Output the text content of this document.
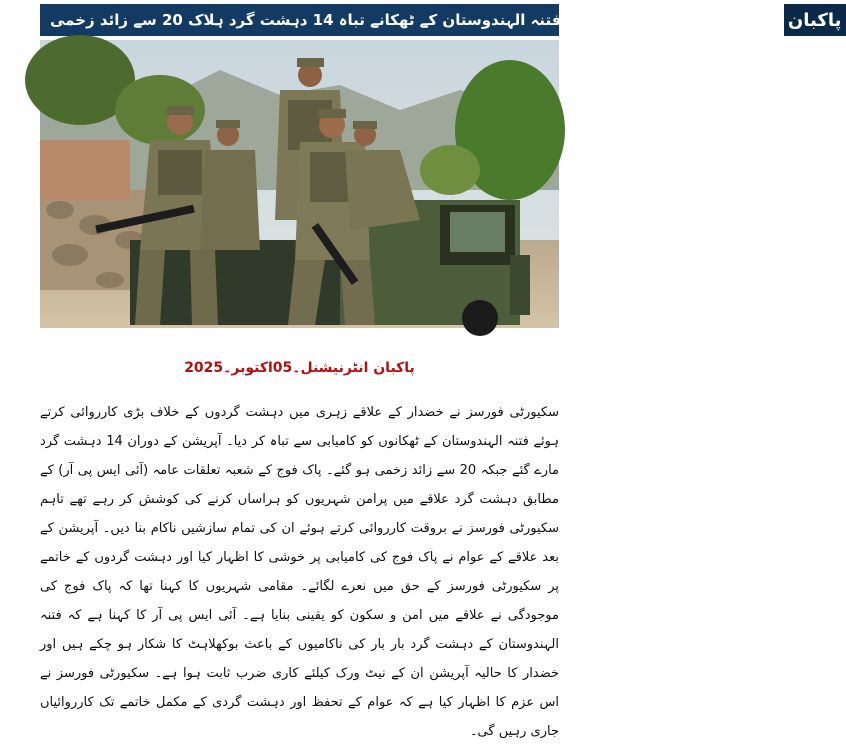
سکیورٹی فورسز کا آپریشن فتنہ الہندوستان کے ٹھکانے تباہ 14 دہشت گرد ہلاک 20 سے زائد زخمی پاکبان
پاکبان انٹرنیشنل۔05اکتوبر۔2025
سکیورٹی فورسز نے خضدار کے علاقے زہری میں دہشت گردوں کے خلاف بڑی کارروائی کرتے ہوئے فتنہ الہندوستان کے ٹھکانوں کو کامیابی سے تباہ کر دیا۔ آپریشن کے دوران 14 دہشت گرد مارے گئے جبکہ 20 سے زائد زخمی ہو گئے۔ پاک فوج کے شعبہ تعلقات عامہ (آئی ایس پی آر) کے مطابق دہشت گرد علاقے میں پرامن شہریوں کو ہراساں کرنے کی کوشش کر رہے تھے تاہم سکیورٹی فورسز نے بروقت کارروائی کرتے ہوئے ان کی تمام سازشیں ناکام بنا دیں۔ آپریشن کے بعد علاقے کے عوام نے پاک فوج کی کامیابی پر خوشی کا اظہار کیا اور دہشت گردوں کے خاتمے پر سکیورٹی فورسز کے حق میں نعرے لگائے۔ مقامی شہریوں کا کہنا تھا کہ پاک فوج کی موجودگی نے علاقے میں امن و سکون کو یقینی بنایا ہے۔ آئی ایس پی آر کا کہنا ہے کہ فتنہ الہندوستان کے دہشت گرد بار بار کی ناکامیوں کے باعث بوکھلاہٹ کا شکار ہو چکے ہیں اور خضدار کا حالیہ آپریشن ان کے نیٹ ورک کیلئے کاری ضرب ثابت ہوا ہے۔ سکیورٹی فورسز نے اس عزم کا اظہار کیا ہے کہ عوام کے تحفظ اور دہشت گردی کے مکمل خاتمے تک کارروائیاں جاری رہیں گی۔
